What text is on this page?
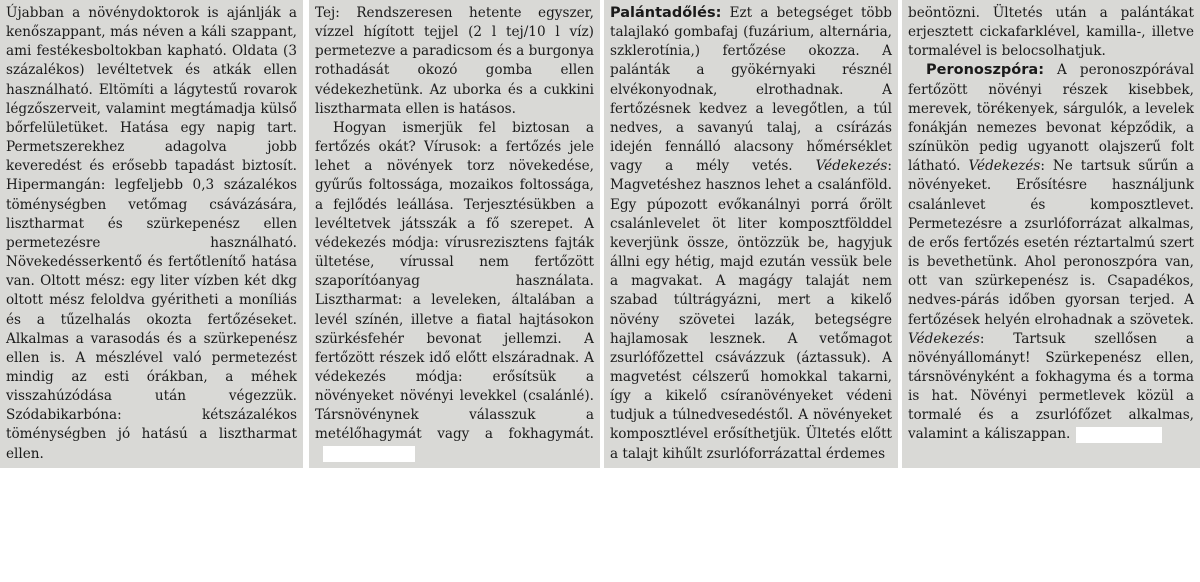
Újabban a növénydoktorok is ajánlják a kenőszappant, más néven a káli szappant, ami festékesboltokban kapható. Oldata (3 százalékos) levéltetvek és atkák ellen használható. Eltömíti a lágytestű rovarok légzőszerveit, valamint megtámadja külső bőrfelületüket. Hatása egy napig tart. Permetszerekhez adagolva jobb keveredést és erősebb tapadást biztosít. Hipermangán: legfeljebb 0,3 százalékos töménységben vetőmag csávázására, lisztharmat és szürkepenész ellen permetezésre használható. Növekedésserkentő és fertőtlenítő hatása van. Oltott mész: egy liter vízben két dkg oltott mész feloldva gyéritheti a moníliás és a tűzelhalás okozta fertőzéseket. Alkalmas a varasodás és a szürkepenész ellen is. A mészlével való permetezést mindig az esti órákban, a méhek visszahúzódása után végezzük. Szódabikarbóna: kétszázalékos töménységben jó hatású a lisztharmat ellen.

Tej: Rendszeresen hetente egyszer, vízzel hígított tejjel (2 l tej/10 l víz) permetezve a paradicsom és a burgonya rothadását okozó gomba ellen védekezhetünk. Az uborka és a cukkini lisztharmata ellen is hatásos.

Hogyan ismerjük fel biztosan a fertőzés okát? Vírusok: a fertőzés jele lehet a növények torz növekedése, gyűrűs foltossága, mozaikos foltossága, a fejlődés leállása. Terjesztésükben a levéltetvek játsszák a fő szerepet. A védekezés módja: vírusrezisztens fajták ültetése, vírussal nem fertőzött szaporítóanyag használata. Lisztharmat: a leveleken, általában a levél színén, illetve a fiatal hajtásokon szürkésfehér bevonat jellemzi. A fertőzött részek idő előtt elszáradnak. A védekezés módja: erősítsük a növényeket növényi levekkel (csalánlé). Társnövénynek válasszuk a metélőhagymát vagy a fokhagymát.

Palántadőlés: Ezt a betegséget több talajlakó gombafaj (fuzárium, alternária, szklerotínia,) fertőzése okozza. A palánták a gyökérnyaki résznél elvékonyodnak, elrothadnak. A fertőzésnek kedvez a levegőtlen, a túl nedves, a savanyú talaj, a csírázás idején fennálló alacsony hőmérséklet vagy a mély vetés. Védekezés: Magvetéshez hasznos lehet a csalánföld. Egy púpozott evőkanálnyi porrá őrölt csalánlevelet öt liter komposztfölddel keverjünk össze, öntözzük be, hagyjuk állni egy hétig, majd ezután vessük bele a magvakat. A magágy talaját nem szabad túltrágyázni, mert a kikelő növény szövetei lazák, betegségre hajlamosak lesznek. A vetőmagot zsurlófőzettel csávázzuk (áztassuk). A magvetést célszerű homokkal takarni, így a kikelő csíranövényeket védeni tudjuk a túlnedvesedéstől. A növényeket komposztlével erősíthetjük. Ültetés előtt a talajt kihűlt zsurlóforrázattal érdemes

beöntözni. Ültetés után a palántákat erjesztett cickafarklével, kamilla-, illetve tormalével is belocsolhatjuk.

Peronoszpóra: A peronoszpórával fertőzött növényi részek kisebbek, merevek, törékenyek, sárgulók, a levelek fonákján nemezes bevonat képződik, a színükön pedig ugyanott olajszerű folt látható. Védekezés: Ne tartsuk sűrűn a növényeket. Erősítésre használjunk csalánlevet és komposztlevet. Permetezésre a zsurlóforrázat alkalmas, de erős fertőzés esetén réztartalmú szert is bevethetünk. Ahol peronoszpóra van, ott van szürkepenész is. Csapadékos, nedves-párás időben gyorsan terjed. A fertőzések helyén elrohadnak a szövetek. Védekezés: Tartsuk szellősen a növényállományt! Szürkepenész ellen, társnövényként a fokhagyma és a torma is hat. Növényi permetlevek közül a tormalé és a zsurlófőzet alkalmas, valamint a káliszappan.
